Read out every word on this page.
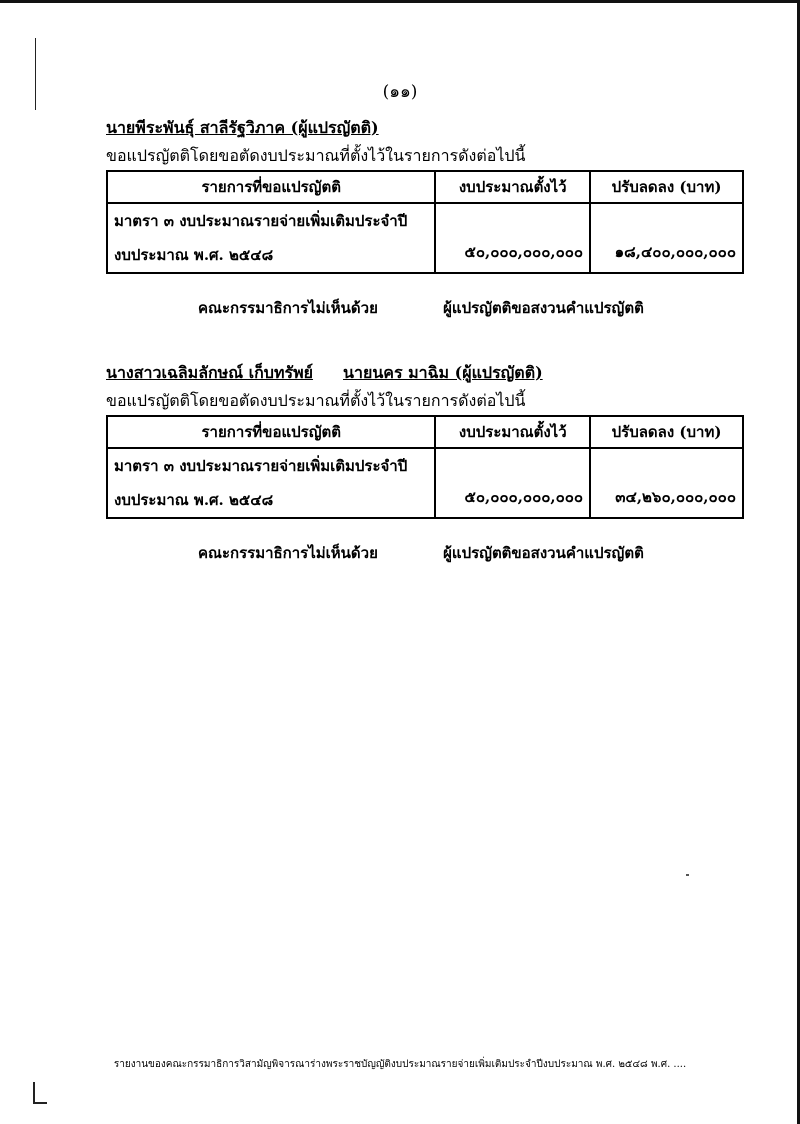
(๑๑)
นายพีระพันธุ์ สาลีรัฐวิภาค (ผู้แปรญัตติ)
ขอแปรญัตติโดยขอตัดงบประมาณที่ตั้งไว้ในรายการดังต่อไปนี้
รายการที่ขอแปรญัตติ	งบประมาณตั้งไว้	ปรับลดลง (บาท)

มาตรา ๓ งบประมาณรายจ่ายเพิ่มเติมประจำปี
งบประมาณ พ.ศ. ๒๕๔๘	๕๐,๐๐๐,๐๐๐,๐๐๐	๑๘,๔๐๐,๐๐๐,๐๐๐
คณะกรรมาธิการไม่เห็นด้วย	ผู้แปรญัตติขอสงวนคำแปรญัตติ
นางสาวเฉลิมลักษณ์ เก็บทรัพย์ นายนคร มาฉิม (ผู้แปรญัตติ)
ขอแปรญัตติโดยขอตัดงบประมาณที่ตั้งไว้ในรายการดังต่อไปนี้
รายการที่ขอแปรญัตติ	งบประมาณตั้งไว้	ปรับลดลง (บาท)

มาตรา ๓ งบประมาณรายจ่ายเพิ่มเติมประจำปี
งบประมาณ พ.ศ. ๒๕๔๘	๕๐,๐๐๐,๐๐๐,๐๐๐	๓๔,๒๖๐,๐๐๐,๐๐๐
คณะกรรมาธิการไม่เห็นด้วย	ผู้แปรญัตติขอสงวนคำแปรญัตติ
รายงานของคณะกรรมาธิการวิสามัญพิจารณาร่างพระราชบัญญัติงบประมาณรายจ่ายเพิ่มเติมประจำปีงบประมาณ พ.ศ. ๒๕๔๘ พ.ศ. ....
